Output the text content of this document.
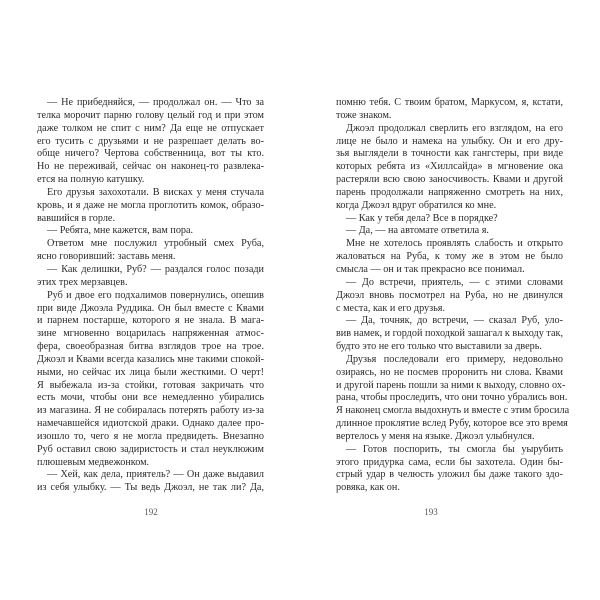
— Не прибедняйся, — продолжал он. — Что за

телка морочит парню голову целый год и при этом

даже толком не спит с ним? Да еще не отпускает

его тусить с друзьями и не разрешает делать во-

обще ничего? Чертова собственница, вот ты кто.

Но не переживай, сейчас он наконец-то развлека-

ется на полную катушку.

Его друзья захохотали. В висках у меня стучала

кровь, и я даже не могла проглотить комок, образо-

вавшийся в горле.

— Ребята, мне кажется, вам пора.

Ответом мне послужил утробный смех Руба,

ясно говоривший: заставь меня.

— Как делишки, Руб? — раздался голос позади

этих трех мерзавцев.

Руб и двое его подхалимов повернулись, опешив

при виде Джоэла Руддика. Он был вместе с Квами

и парнем постарше, которого я не знала. В мага-

зине мгновенно воцарилась напряженная атмос-

фера, своеобразная битва взглядов трое на трое.

Джоэл и Квами всегда казались мне такими спокой-

ными, но сейчас их лица были жесткими. О черт!

Я выбежала из-за стойки, готовая закричать что

есть мочи, чтобы они все немедленно убирались

из магазина. Я не собиралась потерять работу из-за

намечавшейся идиотской драки. Однако далее про-

изошло то, чего я не могла предвидеть. Внезапно

Руб оставил свою задиристость и стал неуклюжим

плюшевым медвежонком.

— Хей, как дела, приятель? — Он даже выдавил

из себя улыбку. — Ты ведь Джоэл, не так ли? Да,

192

помню тебя. С твоим братом, Маркусом, я, кстати,

тоже знаком.

Джоэл продолжал сверлить его взглядом, на его

лице не было и намека на улыбку. Он и его дру-

зья выглядели в точности как гангстеры, при виде

которых ребята из «Хиллсайда» в мгновение ока

растеряли всю свою заносчивость. Квами и другой

парень продолжали напряженно смотреть на них,

когда Джоэл вдруг обратился ко мне.

— Как у тебя дела? Все в порядке?

— Да, — на автомате ответила я.

Мне не хотелось проявлять слабость и открыто

жаловаться на Руба, к тому же в этом не было

смысла — он и так прекрасно все понимал.

— До встречи, приятель, — с этими словами

Джоэл вновь посмотрел на Руба, но не двинулся

с места, как и его друзья.

— Да, точняк, до встречи, — сказал Руб, уло-

вив намек, и гордой походкой зашагал к выходу так,

будто это не его только что выставили за дверь.

Друзья последовали его примеру, недовольно

озираясь, но не посмев проронить ни слова. Квами

и другой парень пошли за ними к выходу, словно ох-

рана, чтобы проследить, что они точно убрались вон.

Я наконец смогла выдохнуть и вместе с этим бросила

длинное проклятие вслед Рубу, которое все это время

вертелось у меня на языке. Джоэл улыбнулся.

— Готов поспорить, ты смогла бы уырубить

этого придурка сама, если бы захотела. Один бы-

стрый удар в челюсть уложил бы даже такого здо-

ровяка, как он.

193
